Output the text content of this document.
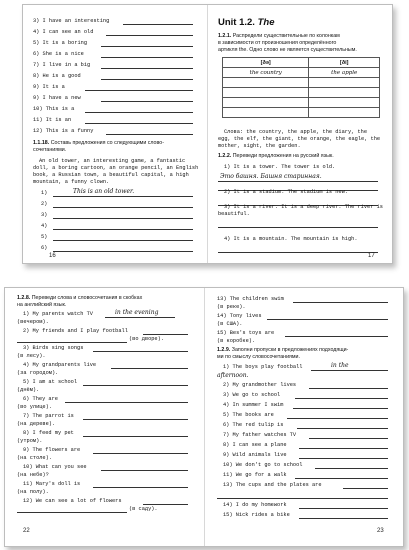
3) I have an interesting
4) I can see an old
5) It is a boring
6) She is a nice
7) I live in a big
8) He is a good
9) It is a
9) I have a new
10) This is a
11) It is an
12) This is a funny
1.1.18. Составь предложения со следующими слово-
сочетаниями.
An old tower, an interesting game, a fantastic
doll, a boring cartoon, an orange pencil, an English
book, a Russian town, a beautiful capital, a high
mountain, a funny clown.
1)	This is an old tower.
2)
3)
4)
5)
6)
16
Unit 1.2. The
1.2.1. Распредели существительные по колонкам
в зависимости от произношения определённого
артикля the. Одно слово не является существительным.
[ðə]	[ði]
the country	the apple

Слова: the country, the apple, the diary, the
egg, the elf, the giant, the orange, the eagle, the
mother, sight, the garden.
1.2.2. Переведи предложения на русский язык.
1) It is a tower. The tower is old.
Это башня. Башня старинная.
2) It is a stadium. The stadium is new.
3) It is a river. It is a deep river. The river is
beautiful.
4) It is a mountain. The mountain is high.
17
1.2.8. Переведи слова и словосочетания в скобках
на английский язык.
1) My parents watch TV	in the evening
(вечером).
2) My friends and I play football
(во дворе).
3) Birds sing songs
(в лесу).
4) My grandparents live
(за городом).
5) I am at school
(днём).
6) They are
(во улице).
7) The parrot is
(на дереве).
8) I feed my pet
(утром).
9) The flowers are
(на столе).
10) What can you see
(на небе)?
11) Mary's doll is
(на полу).
12) We can see a lot of flowers
(в саду).
22
13) The children swim
(в реке).
14) Tony lives
(в США).
15) Bes's toys are
(в коробке).
1.2.9. Заполни пропуски в предложениях подходящи-
ми по смыслу словосочетаниями.
1) The boys play football	in the
afternoon.
2) My grandmother lives
3) We go to school
4) In summer I swim
5) The books are
6) The red tulip is
7) My father watches TV
8) I can see a plane
9) Wild animals live
10) We don't go to school
11) We go for a walk
13) The cups and the plates are
14) I do my homework
15) Nick rides a bike
23
